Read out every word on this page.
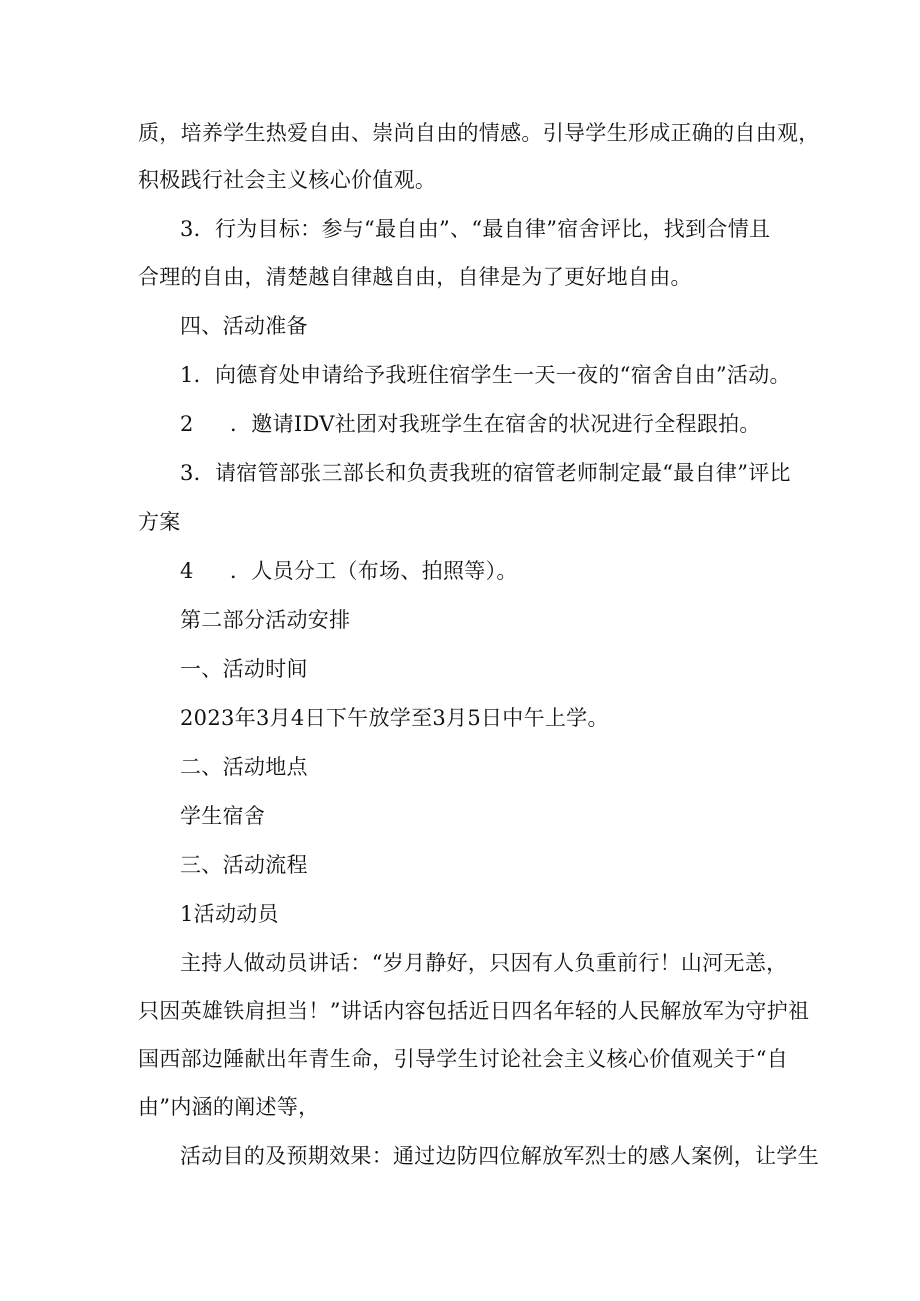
质，培养学生热爱自由、崇尚自由的情感。引导学生形成正确的自由观，
积极践行社会主义核心价值观。
3．行为目标：参与“最自由”、“最自律”宿舍评比，找到合情且
合理的自由，清楚越自律越自由，自律是为了更好地自由。
四、活动准备
1．向德育处申请给予我班住宿学生一天一夜的“宿舍自由”活动。
2 ．邀请IDV社团对我班学生在宿舍的状况进行全程跟拍。
3．请宿管部张三部长和负责我班的宿管老师制定最“最自律”评比
方案
4 ．人员分工（布场、拍照等）。
第二部分活动安排
一、活动时间
2023年3月4日下午放学至3月5日中午上学。
二、活动地点
学生宿舍
三、活动流程
1活动动员
主持人做动员讲话：“岁月静好，只因有人负重前行！山河无恙，
只因英雄铁肩担当！”讲话内容包括近日四名年轻的人民解放军为守护祖
国西部边陲献出年青生命，引导学生讨论社会主义核心价值观关于“自
由”内涵的阐述等，
活动目的及预期效果：通过边防四位解放军烈士的感人案例，让学生
